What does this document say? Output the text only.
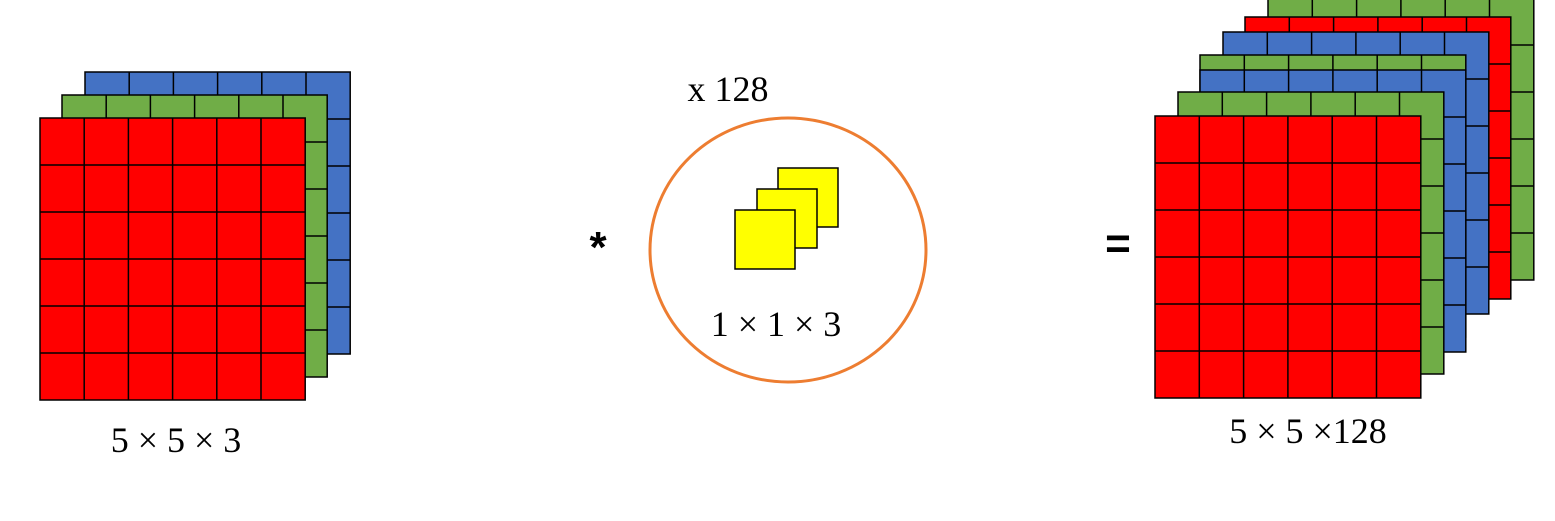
5 × 5 × 3
*
x 128
1 × 1 × 3
=
5 × 5 ×128
